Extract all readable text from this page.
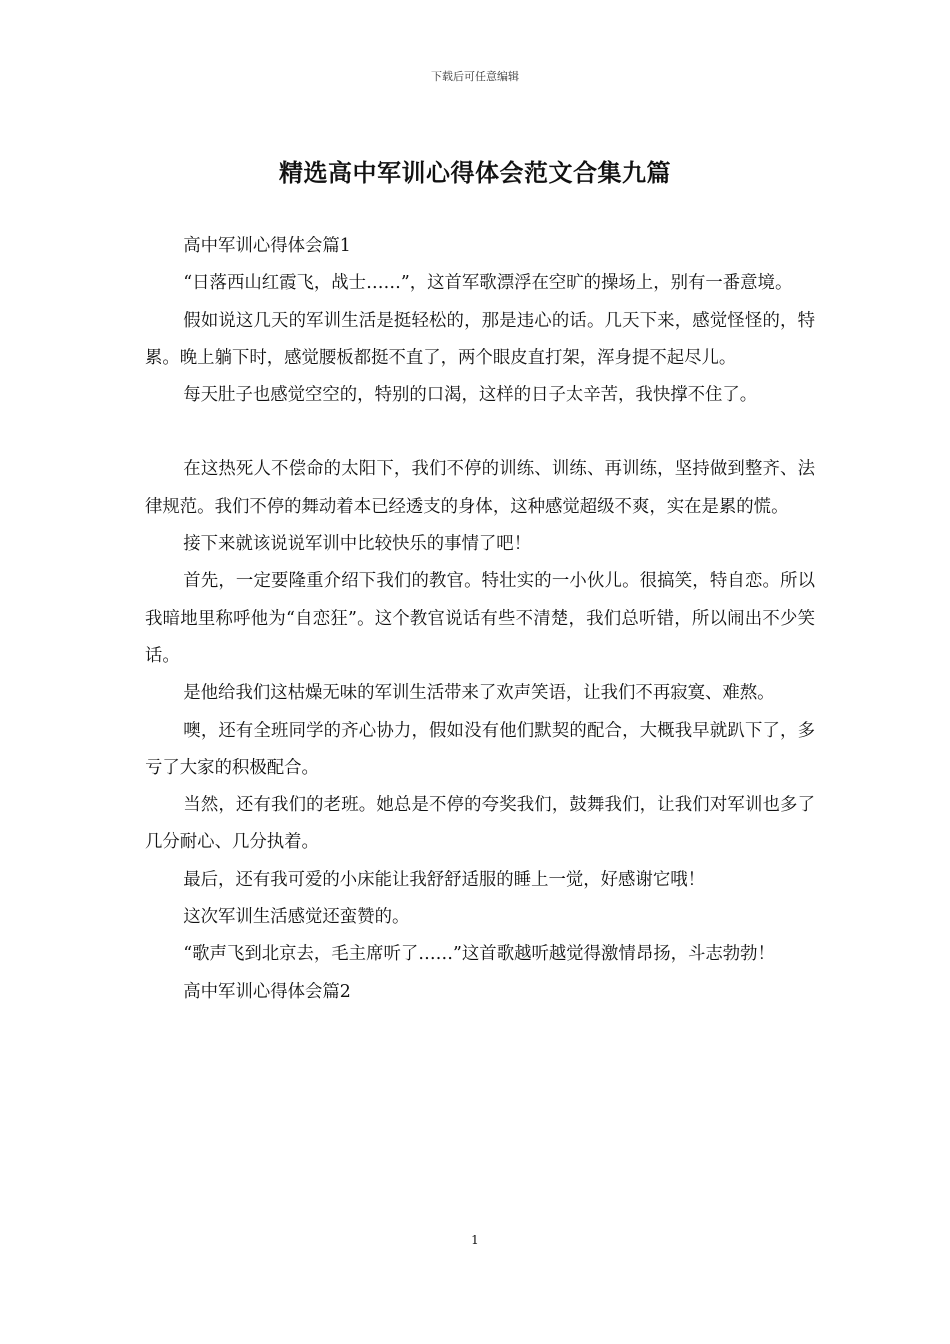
下载后可任意编辑
精选高中军训心得体会范文合集九篇

高中军训心得体会篇1

“日落西山红霞飞，战士……”，这首军歌漂浮在空旷的操场上，别有一番意境。

假如说这几天的军训生活是挺轻松的，那是违心的话。几天下来，感觉怪怪的，特累。晚上躺下时，感觉腰板都挺不直了，两个眼皮直打架，浑身提不起尽儿。

每天肚子也感觉空空的，特别的口渴，这样的日子太辛苦，我快撑不住了。

在这热死人不偿命的太阳下，我们不停的训练、训练、再训练，坚持做到整齐、法律规范。我们不停的舞动着本已经透支的身体，这种感觉超级不爽，实在是累的慌。

接下来就该说说军训中比较快乐的事情了吧！

首先，一定要隆重介绍下我们的教官。特壮实的一小伙儿。很搞笑，特自恋。所以我暗地里称呼他为“自恋狂”。这个教官说话有些不清楚，我们总听错，所以闹出不少笑话。

是他给我们这枯燥无味的军训生活带来了欢声笑语，让我们不再寂寞、难熬。

噢，还有全班同学的齐心协力，假如没有他们默契的配合，大概我早就趴下了，多亏了大家的积极配合。

当然，还有我们的老班。她总是不停的夸奖我们，鼓舞我们，让我们对军训也多了几分耐心、几分执着。

最后，还有我可爱的小床能让我舒舒适服的睡上一觉，好感谢它哦！

这次军训生活感觉还蛮赞的。

“歌声飞到北京去，毛主席听了……”这首歌越听越觉得激情昂扬，斗志勃勃！

高中军训心得体会篇2

1
